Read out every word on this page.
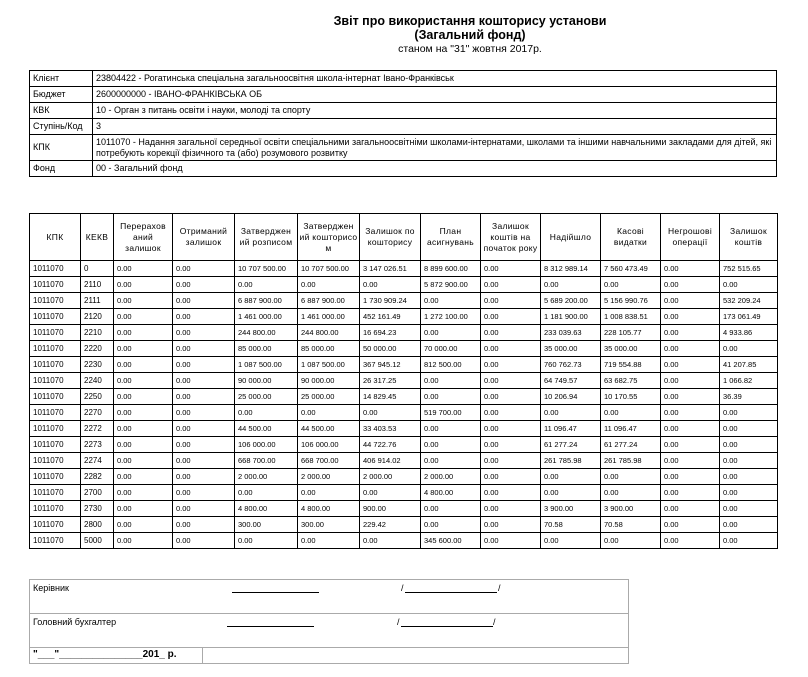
Звіт про використання кошторису установи
(Загальний фонд)
станом на "31" жовтня 2017р.
Клієнт	23804422 - Рогатинська спеціальна загальноосвітня школа-інтернат Івано-Франківськ
Бюджет	2600000000 - ІВАНО-ФРАНКІВСЬКА ОБ
КВК	10 - Орган з питань освіти і науки, молоді та спорту
Ступінь/Код	3
КПК	1011070 - Надання загальної середньої освіти спеціальними загальноосвітніми школами-інтернатами, школами та іншими навчальними закладами для дітей, які потребують корекції фізичного та (або) розумового розвитку
Фонд	00 - Загальний фонд
КПК	КЕКВ	Перерахов аний залишок	Отриманий залишок	Затверджен ий розписом	Затверджен ий кошторисо м	Залишок по кошторису	План асигнувань	Залишок коштів на початок року	Надійшло	Касові видатки	Негрошові операції	Залишок коштів
1011070	0	0.00	0.00	10 707 500.00	10 707 500.00	3 147 026.51	8 899 600.00	0.00	8 312 989.14	7 560 473.49	0.00	752 515.65
1011070	2110	0.00	0.00	0.00	0.00	0.00	5 872 900.00	0.00	0.00	0.00	0.00	0.00
1011070	2111	0.00	0.00	6 887 900.00	6 887 900.00	1 730 909.24	0.00	0.00	5 689 200.00	5 156 990.76	0.00	532 209.24
1011070	2120	0.00	0.00	1 461 000.00	1 461 000.00	452 161.49	1 272 100.00	0.00	1 181 900.00	1 008 838.51	0.00	173 061.49
1011070	2210	0.00	0.00	244 800.00	244 800.00	16 694.23	0.00	0.00	233 039.63	228 105.77	0.00	4 933.86
1011070	2220	0.00	0.00	85 000.00	85 000.00	50 000.00	70 000.00	0.00	35 000.00	35 000.00	0.00	0.00
1011070	2230	0.00	0.00	1 087 500.00	1 087 500.00	367 945.12	812 500.00	0.00	760 762.73	719 554.88	0.00	41 207.85
1011070	2240	0.00	0.00	90 000.00	90 000.00	26 317.25	0.00	0.00	64 749.57	63 682.75	0.00	1 066.82
1011070	2250	0.00	0.00	25 000.00	25 000.00	14 829.45	0.00	0.00	10 206.94	10 170.55	0.00	36.39
1011070	2270	0.00	0.00	0.00	0.00	0.00	519 700.00	0.00	0.00	0.00	0.00	0.00
1011070	2272	0.00	0.00	44 500.00	44 500.00	33 403.53	0.00	0.00	11 096.47	11 096.47	0.00	0.00
1011070	2273	0.00	0.00	106 000.00	106 000.00	44 722.76	0.00	0.00	61 277.24	61 277.24	0.00	0.00
1011070	2274	0.00	0.00	668 700.00	668 700.00	406 914.02	0.00	0.00	261 785.98	261 785.98	0.00	0.00
1011070	2282	0.00	0.00	2 000.00	2 000.00	2 000.00	2 000.00	0.00	0.00	0.00	0.00	0.00
1011070	2700	0.00	0.00	0.00	0.00	0.00	4 800.00	0.00	0.00	0.00	0.00	0.00
1011070	2730	0.00	0.00	4 800.00	4 800.00	900.00	0.00	0.00	3 900.00	3 900.00	0.00	0.00
1011070	2800	0.00	0.00	300.00	300.00	229.42	0.00	0.00	70.58	70.58	0.00	0.00
1011070	5000	0.00	0.00	0.00	0.00	0.00	345 600.00	0.00	0.00	0.00	0.00	0.00
Керівник	/	/
Головний бухгалтер	/	/
"___"_______________201_ р.
